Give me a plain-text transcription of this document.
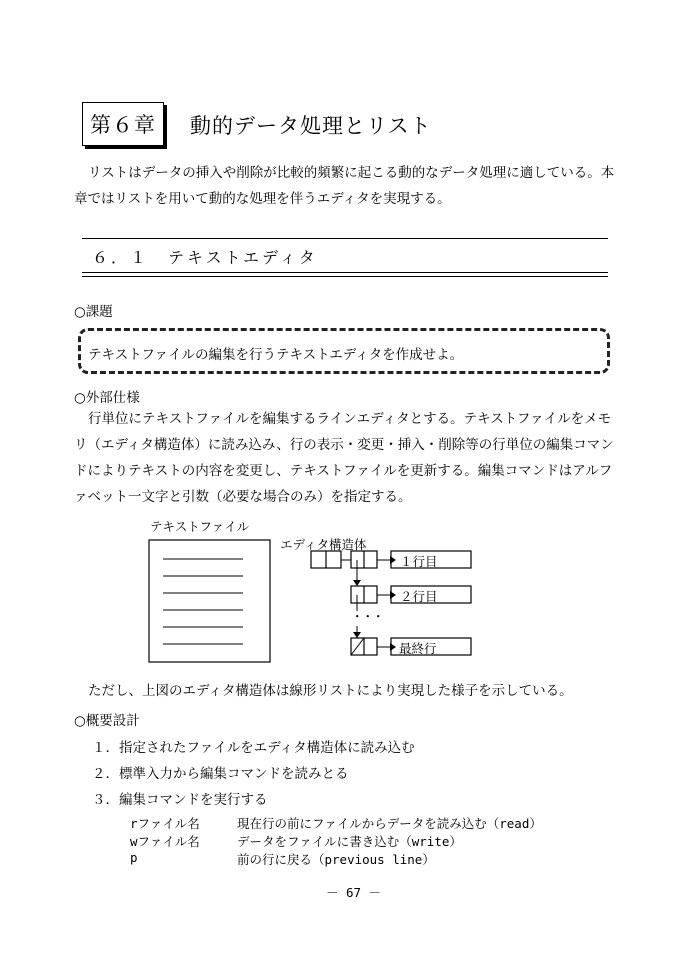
第６章 動的データ処理とリスト
リストはデータの挿入や削除が比較的頻繁に起こる動的なデータ処理に適している。本
章ではリストを用いて動的な処理を伴うエディタを実現する。
６．１　テキストエディタ
○課題
テキストファイルの編集を行うテキストエディタを作成せよ。
○外部仕様
行単位にテキストファイルを編集するラインエディタとする。テキストファイルをメモ
リ（エディタ構造体）に読み込み、行の表示・変更・挿入・削除等の行単位の編集コマン
ドによりテキストの内容を変更し、テキストファイルを更新する。編集コマンドはアルフ
ァベット一文字と引数（必要な場合のみ）を指定する。
テキストファイル
エディタ構造体
１行目
２行目
・・・
最終行
ただし、上図のエディタ構造体は線形リストにより実現した様子を示している。
○概要設計
１．指定されたファイルをエディタ構造体に読み込む
２．標準入力から編集コマンドを読みとる
３．編集コマンドを実行する
rファイル名	現在行の前にファイルからデータを読み込む（read）
wファイル名	データをファイルに書き込む（write）
p	前の行に戻る（previous line）
－ 67 －
